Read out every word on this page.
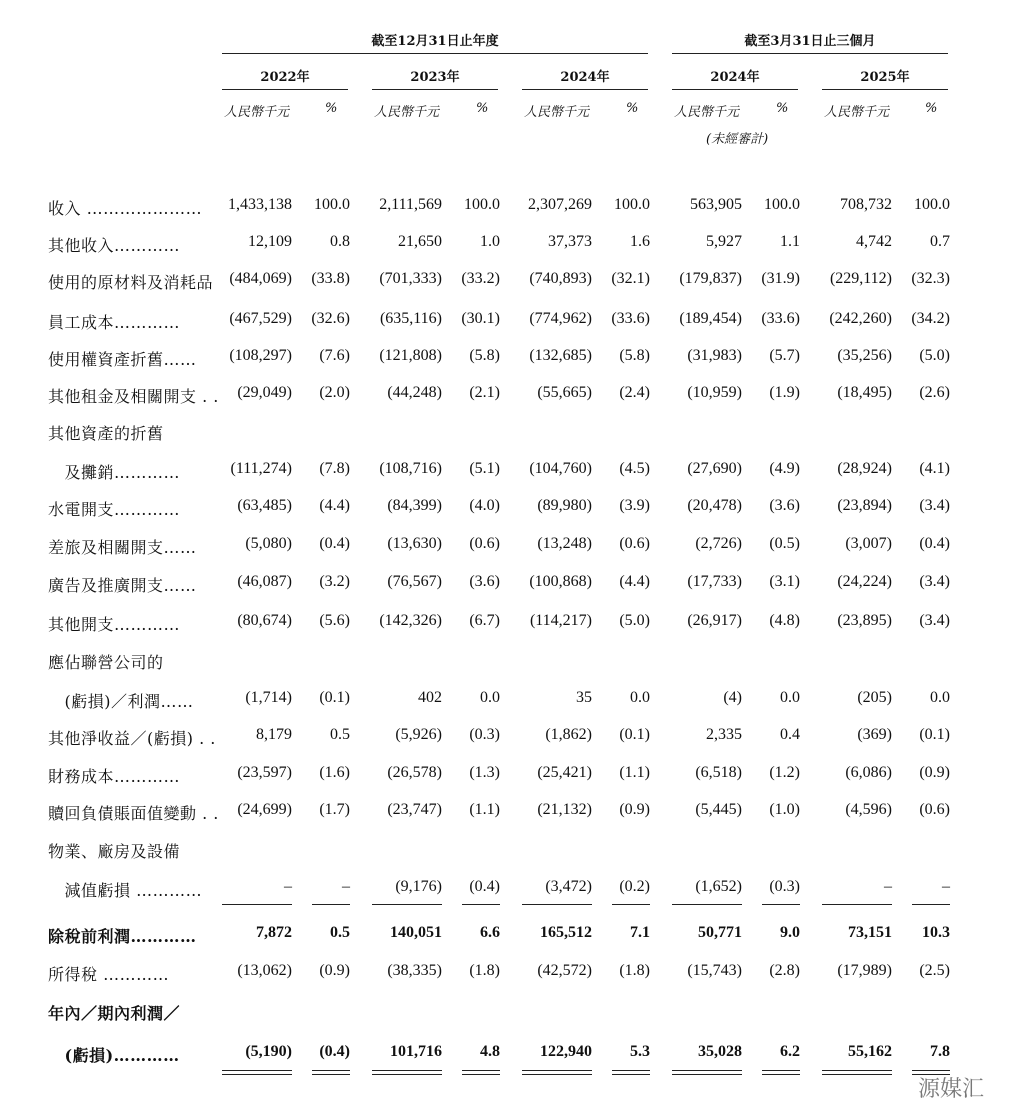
截至12月31日止年度	截至3月31日止三個月
2022年	2023年	2024年	2024年	2025年
人民幣千元	%	人民幣千元	%	人民幣千元	%	人民幣千元	%	人民幣千元	%
(未經審計)
收入 …………………	1,433,138	100.0	2,111,569	100.0	2,307,269	100.0	563,905	100.0	708,732	100.0
其他收入…………	12,109	0.8	21,650	1.0	37,373	1.6	5,927	1.1	4,742	0.7
使用的原材料及消耗品	(484,069)	(33.8)	(701,333)	(33.2)	(740,893)	(32.1)	(179,837)	(31.9)	(229,112)	(32.3)
員工成本…………	(467,529)	(32.6)	(635,116)	(30.1)	(774,962)	(33.6)	(189,454)	(33.6)	(242,260)	(34.2)
使用權資產折舊……	(108,297)	(7.6)	(121,808)	(5.8)	(132,685)	(5.8)	(31,983)	(5.7)	(35,256)	(5.0)
其他租金及相關開支 . .	(29,049)	(2.0)	(44,248)	(2.1)	(55,665)	(2.4)	(10,959)	(1.9)	(18,495)	(2.6)
其他資產的折舊
　及攤銷…………	(111,274)	(7.8)	(108,716)	(5.1)	(104,760)	(4.5)	(27,690)	(4.9)	(28,924)	(4.1)
水電開支…………	(63,485)	(4.4)	(84,399)	(4.0)	(89,980)	(3.9)	(20,478)	(3.6)	(23,894)	(3.4)
差旅及相關開支……	(5,080)	(0.4)	(13,630)	(0.6)	(13,248)	(0.6)	(2,726)	(0.5)	(3,007)	(0.4)
廣告及推廣開支……	(46,087)	(3.2)	(76,567)	(3.6)	(100,868)	(4.4)	(17,733)	(3.1)	(24,224)	(3.4)
其他開支…………	(80,674)	(5.6)	(142,326)	(6.7)	(114,217)	(5.0)	(26,917)	(4.8)	(23,895)	(3.4)
應佔聯營公司的
　(虧損)／利潤……	(1,714)	(0.1)	402	0.0	35	0.0	(4)	0.0	(205)	0.0
其他淨收益／(虧損) . .	8,179	0.5	(5,926)	(0.3)	(1,862)	(0.1)	2,335	0.4	(369)	(0.1)
財務成本…………	(23,597)	(1.6)	(26,578)	(1.3)	(25,421)	(1.1)	(6,518)	(1.2)	(6,086)	(0.9)
贖回負債賬面值變動 . .	(24,699)	(1.7)	(23,747)	(1.1)	(21,132)	(0.9)	(5,445)	(1.0)	(4,596)	(0.6)
物業、廠房及設備
　減值虧損 …………	–	–	(9,176)	(0.4)	(3,472)	(0.2)	(1,652)	(0.3)	–	–
除稅前利潤…………	7,872	0.5	140,051	6.6	165,512	7.1	50,771	9.0	73,151	10.3
所得稅 …………	(13,062)	(0.9)	(38,335)	(1.8)	(42,572)	(1.8)	(15,743)	(2.8)	(17,989)	(2.5)
年內／期內利潤／
　(虧損)…………	(5,190)	(0.4)	101,716	4.8	122,940	5.3	35,028	6.2	55,162	7.8
源媒汇
